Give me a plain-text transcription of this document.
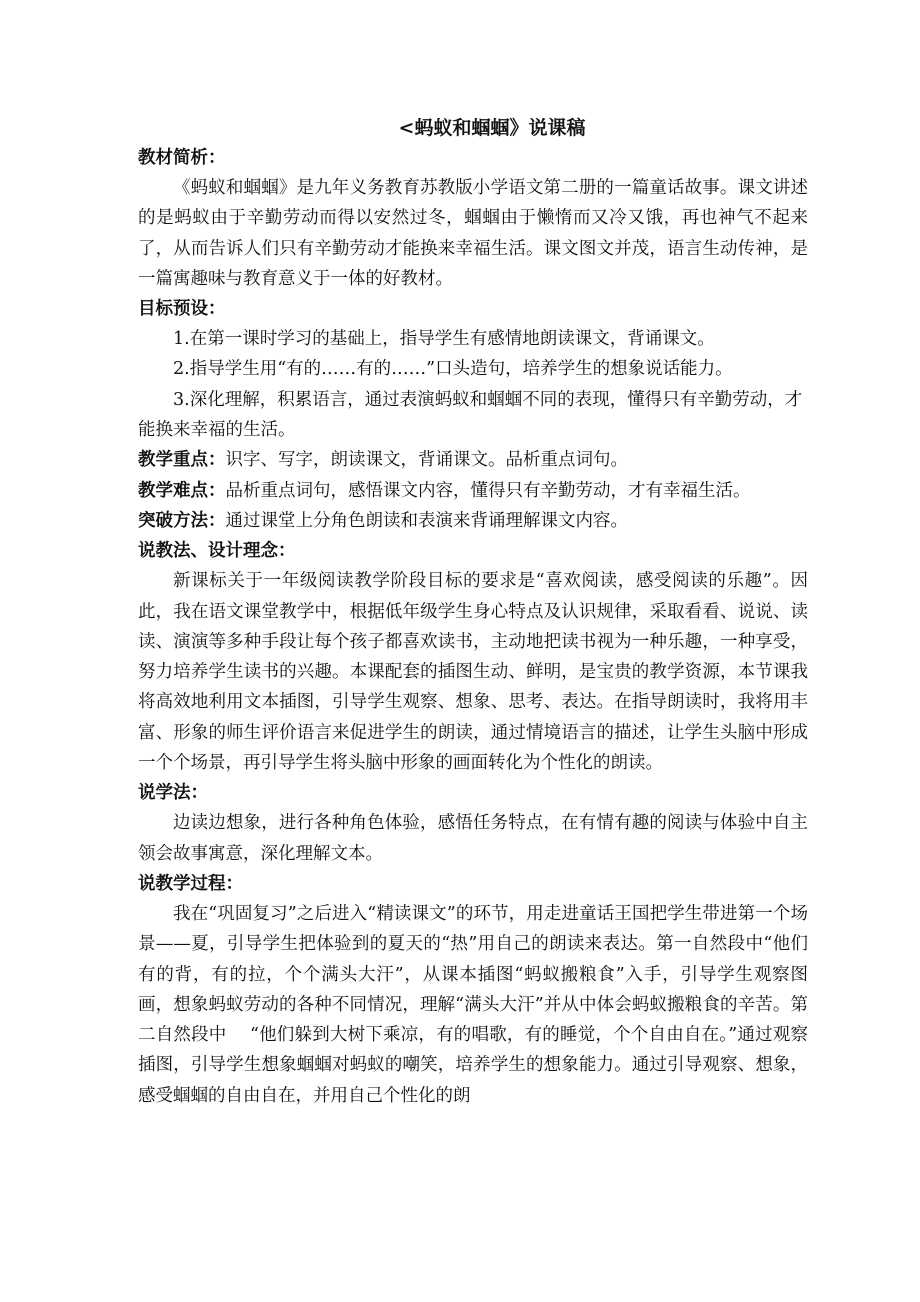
<蚂蚁和蝈蝈》说课稿

教材简析：

《蚂蚁和蝈蝈》是九年义务教育苏教版小学语文第二册的一篇童话故事。课文讲述的是蚂蚁由于辛勤劳动而得以安然过冬，蝈蝈由于懒惰而又冷又饿，再也神气不起来了，从而告诉人们只有辛勤劳动才能换来幸福生活。课文图文并茂，语言生动传神，是一篇寓趣味与教育意义于一体的好教材。

目标预设：

1.在第一课时学习的基础上，指导学生有感情地朗读课文，背诵课文。

2.指导学生用“有的……有的……”口头造句，培养学生的想象说话能力。

3.深化理解，积累语言，通过表演蚂蚁和蝈蝈不同的表现，懂得只有辛勤劳动，才能换来幸福的生活。

教学重点：识字、写字，朗读课文，背诵课文。品析重点词句。

教学难点：品析重点词句，感悟课文内容，懂得只有辛勤劳动，才有幸福生活。

突破方法：通过课堂上分角色朗读和表演来背诵理解课文内容。

说教法、设计理念：

新课标关于一年级阅读教学阶段目标的要求是“喜欢阅读，感受阅读的乐趣”。因此，我在语文课堂教学中，根据低年级学生身心特点及认识规律，采取看看、说说、读读、演演等多种手段让每个孩子都喜欢读书，主动地把读书视为一种乐趣，一种享受，努力培养学生读书的兴趣。本课配套的插图生动、鲜明，是宝贵的教学资源，本节课我将高效地利用文本插图，引导学生观察、想象、思考、表达。在指导朗读时，我将用丰富、形象的师生评价语言来促进学生的朗读，通过情境语言的描述，让学生头脑中形成一个个场景，再引导学生将头脑中形象的画面转化为个性化的朗读。

说学法：

边读边想象，进行各种角色体验，感悟任务特点，在有情有趣的阅读与体验中自主领会故事寓意，深化理解文本。

说教学过程：

我在“巩固复习”之后进入“精读课文”的环节，用走进童话王国把学生带进第一个场景——夏，引导学生把体验到的夏天的“热”用自己的朗读来表达。第一自然段中“他们有的背，有的拉，个个满头大汗”，从课本插图“蚂蚁搬粮食”入手，引导学生观察图画，想象蚂蚁劳动的各种不同情况，理解“满头大汗”并从中体会蚂蚁搬粮食的辛苦。第二自然段中　 “他们躲到大树下乘凉，有的唱歌，有的睡觉，个个自由自在。”通过观察插图，引导学生想象蝈蝈对蚂蚁的嘲笑，培养学生的想象能力。通过引导观察、想象，感受蝈蝈的自由自在，并用自己个性化的朗
